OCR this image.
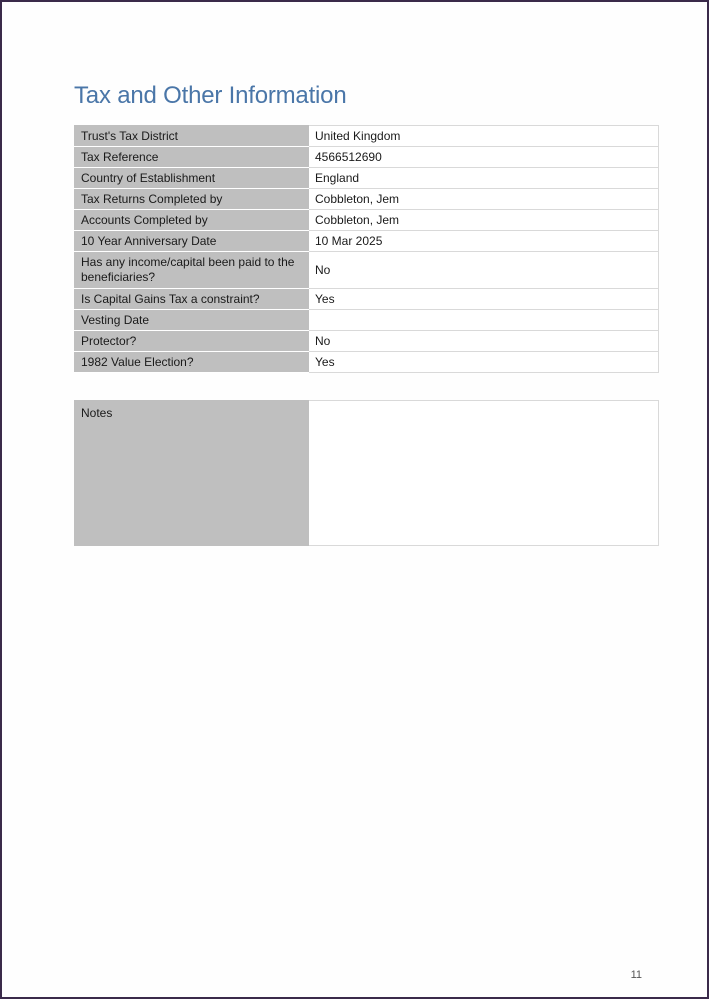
Tax and Other Information
Trust's Tax District	United Kingdom
Tax Reference	4566512690
Country of Establishment	England
Tax Returns Completed by	Cobbleton, Jem
Accounts Completed by	Cobbleton, Jem
10 Year Anniversary Date	10 Mar 2025
Has any income/capital been paid to the beneficiaries?	No
Is Capital Gains Tax a constraint?	Yes
Vesting Date	
Protector?	No
1982 Value Election?	Yes
Notes	
11
